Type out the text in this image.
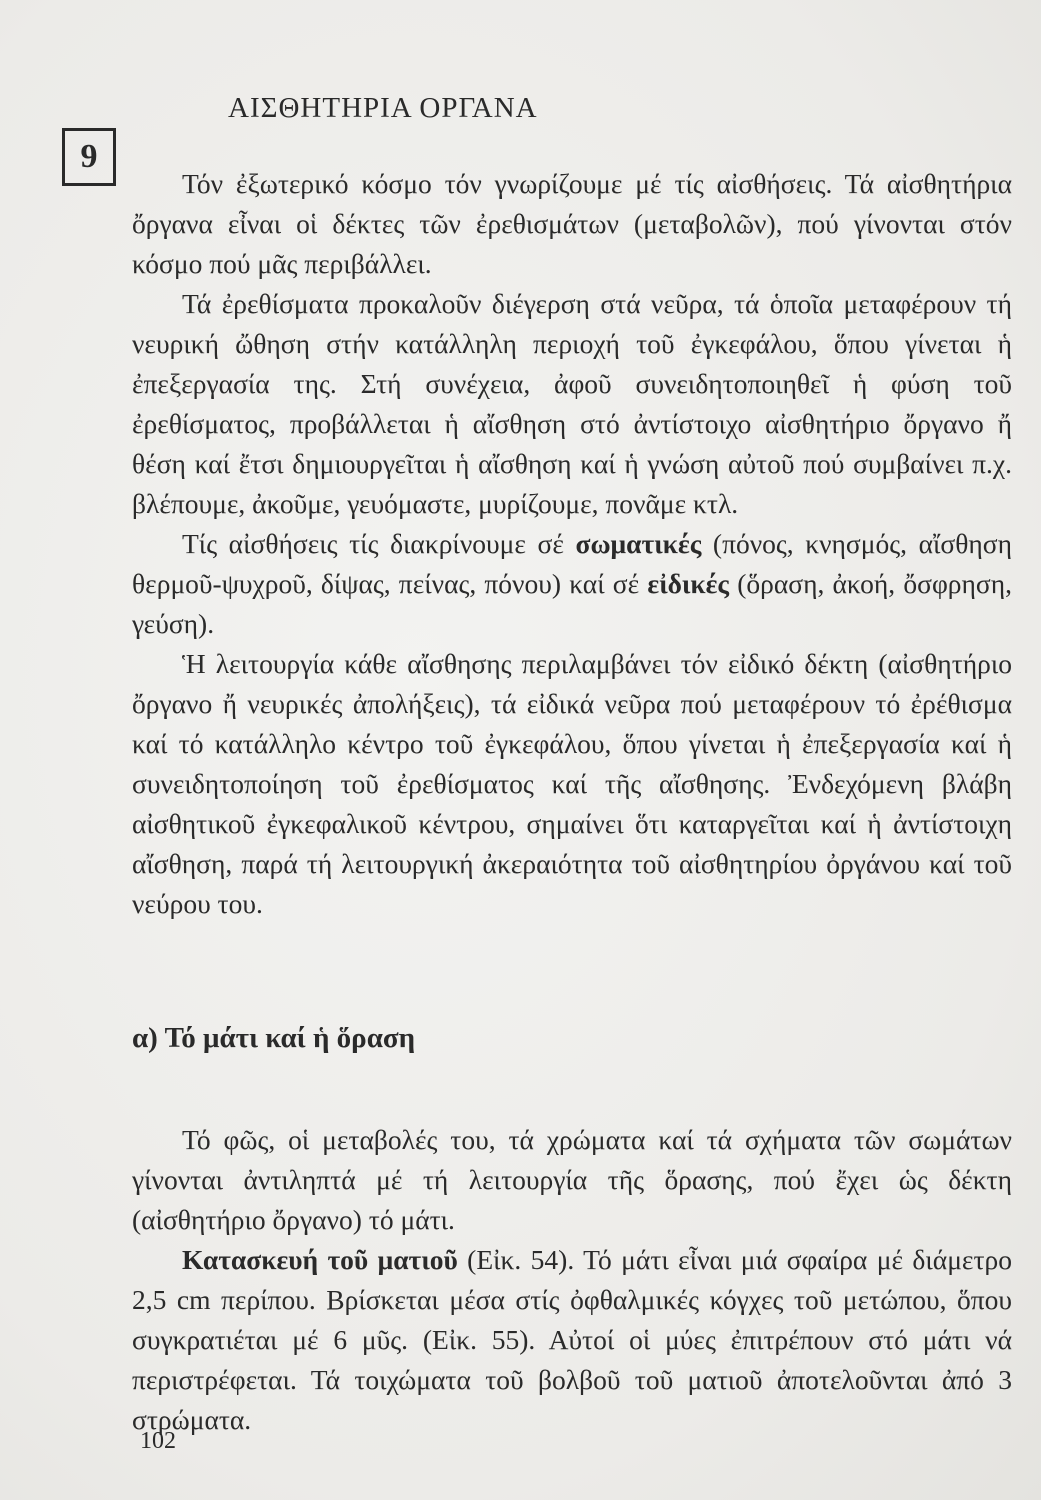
9
ΑΙΣΘΗΤΗΡΙΑ ΟΡΓΑΝΑ

Τόν ἐξωτερικό κόσμο τόν γνωρίζουμε μέ τίς αἰσθήσεις. Τά αἰσθητήρια ὄργανα εἶναι οἱ δέκτες τῶν ἐρεθισμάτων (μεταβολῶν), πού γίνονται στόν κόσμο πού μᾶς περιβάλλει.

Τά ἐρεθίσματα προκαλοῦν διέγερση στά νεῦρα, τά ὁποῖα μεταφέρουν τή νευρική ὤθηση στήν κατάλληλη περιοχή τοῦ ἐγκεφάλου, ὅπου γίνεται ἡ ἐπεξεργασία της. Στή συνέχεια, ἀφοῦ συνειδητοποιηθεῖ ἡ φύση τοῦ ἐρεθίσματος, προβάλλεται ἡ αἴσθηση στό ἀντίστοιχο αἰσθητήριο ὄργανο ἤ θέση καί ἔτσι δημιουργεῖται ἡ αἴσθηση καί ἡ γνώση αὐτοῦ πού συμβαίνει π.χ. βλέπουμε, ἀκοῦμε, γευόμαστε, μυρίζουμε, πονᾶμε κτλ.

Τίς αἰσθήσεις τίς διακρίνουμε σέ σωματικές (πόνος, κνησμός, αἴσθηση θερμοῦ-ψυχροῦ, δίψας, πείνας, πόνου) καί σέ εἰδικές (ὅραση, ἀκοή, ὄσφρηση, γεύση).

Ἡ λειτουργία κάθε αἴσθησης περιλαμβάνει τόν εἰδικό δέκτη (αἰσθητήριο ὄργανο ἤ νευρικές ἀπολήξεις), τά εἰδικά νεῦρα πού μεταφέρουν τό ἐρέθισμα καί τό κατάλληλο κέντρο τοῦ ἐγκεφάλου, ὅπου γίνεται ἡ ἐπεξεργασία καί ἡ συνειδητοποίηση τοῦ ἐρεθίσματος καί τῆς αἴσθησης. Ἐνδεχόμενη βλάβη αἰσθητικοῦ ἐγκεφαλικοῦ κέντρου, σημαίνει ὅτι καταργεῖται καί ἡ ἀντίστοιχη αἴσθηση, παρά τή λειτουργική ἀκεραιότητα τοῦ αἰσθητηρίου ὀργάνου καί τοῦ νεύρου του.

α) Τό μάτι καί ἡ ὅραση

Τό φῶς, οἱ μεταβολές του, τά χρώματα καί τά σχήματα τῶν σωμάτων γίνονται ἀντιληπτά μέ τή λειτουργία τῆς ὅρασης, πού ἔχει ὡς δέκτη (αἰσθητήριο ὄργανο) τό μάτι.

Κατασκευή τοῦ ματιοῦ (Εἰκ. 54). Τό μάτι εἶναι μιά σφαίρα μέ διάμετρο 2,5 cm περίπου. Βρίσκεται μέσα στίς ὀφθαλμικές κόγχες τοῦ μετώπου, ὅπου συγκρατιέται μέ 6 μῦς. (Εἰκ. 55). Αὐτοί οἱ μύες ἐπιτρέπουν στό μάτι νά περιστρέφεται. Τά τοιχώματα τοῦ βολβοῦ τοῦ ματιοῦ ἀποτελοῦνται ἀπό 3 στρώματα.

102
